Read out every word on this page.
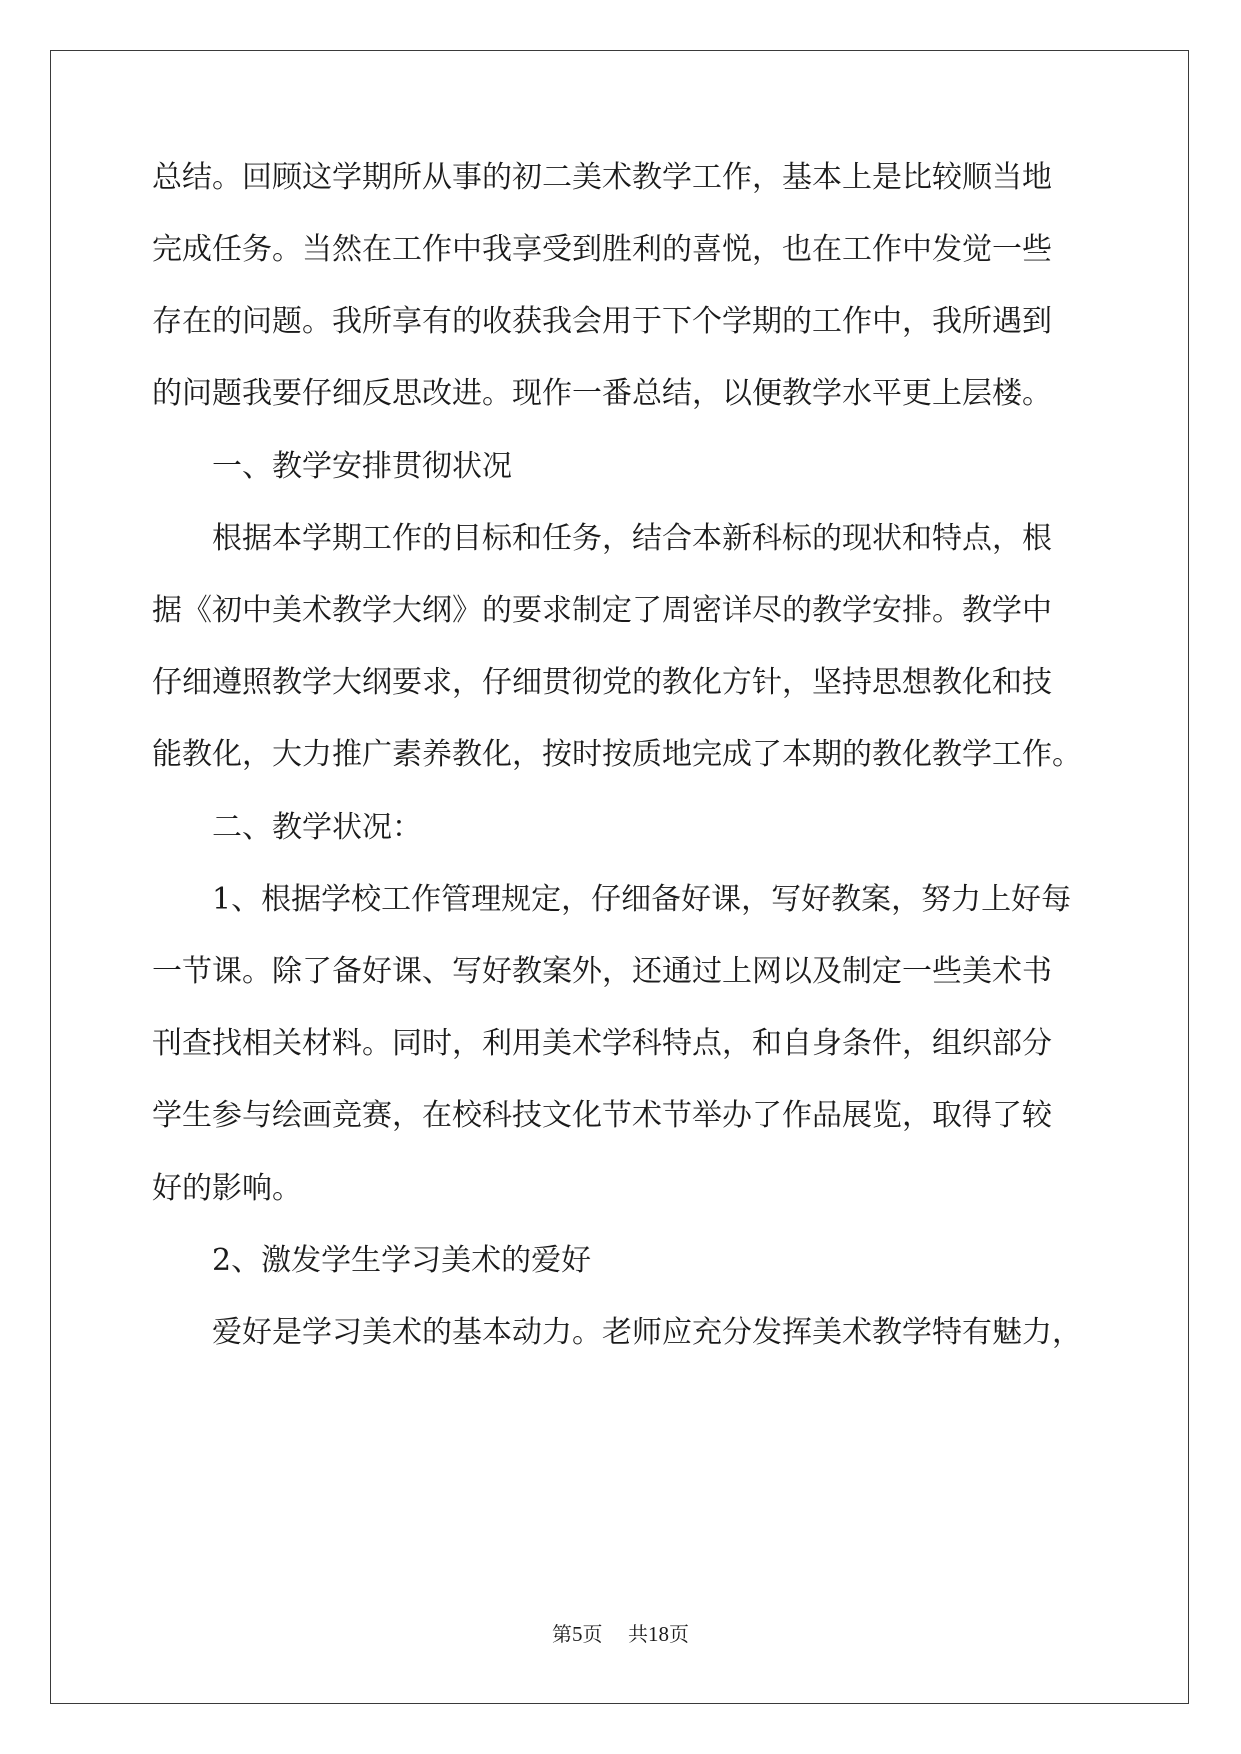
总结。回顾这学期所从事的初二美术教学工作，基本上是比较顺当地
完成任务。当然在工作中我享受到胜利的喜悦，也在工作中发觉一些
存在的问题。我所享有的收获我会用于下个学期的工作中，我所遇到
的问题我要仔细反思改进。现作一番总结，以便教学水平更上层楼。
一、教学安排贯彻状况
根据本学期工作的目标和任务，结合本新科标的现状和特点，根
据《初中美术教学大纲》的要求制定了周密详尽的教学安排。教学中
仔细遵照教学大纲要求，仔细贯彻党的教化方针，坚持思想教化和技
能教化，大力推广素养教化，按时按质地完成了本期的教化教学工作。
二、教学状况：
1、根据学校工作管理规定，仔细备好课，写好教案，努力上好每
一节课。除了备好课、写好教案外，还通过上网以及制定一些美术书
刊查找相关材料。同时，利用美术学科特点，和自身条件，组织部分
学生参与绘画竞赛，在校科技文化节术节举办了作品展览，取得了较
好的影响。
2、激发学生学习美术的爱好
爱好是学习美术的基本动力。老师应充分发挥美术教学特有魅力，
第5页 共18页
